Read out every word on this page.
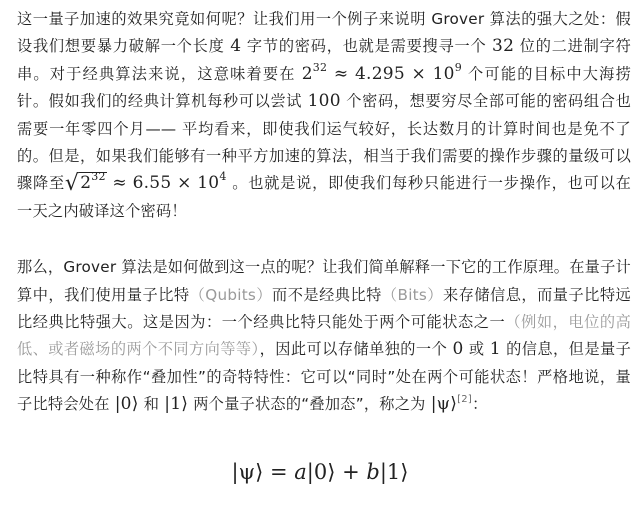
这一量子加速的效果究竟如何呢？让我们用一个例子来说明 Grover 算法的强大之处：假设我们想要暴力破解一个长度 4 字节的密码，也就是需要搜寻一个 32 位的二进制字符串。对于经典算法来说，这意味着要在 $2^{32} \approx 4.295 \times 10^9$ 个可能的目标中大海捞针。假如我们的经典计算机每秒可以尝试 100 个密码，想要穷尽全部可能的密码组合也需要一年零四个月—— 平均看来，即使我们运气较好，长达数月的计算时间也是免不了的。但是，如果我们能够有一种平方加速的算法，相当于我们需要的操作步骤的量级可以骤降至$√2^{32} \approx 6.55 \times 10^4$ 。也就是说，即使我们每秒只能进行一步操作，也可以在一天之内破译这个密码！

那么，Grover 算法是如何做到这一点的呢？让我们简单解释一下它的工作原理。在量子计算中，我们使用量子比特（Qubits）而不是经典比特（Bits）来存储信息，而量子比特远比经典比特强大。这是因为：一个经典比特只能处于两个可能状态之一（例如，电位的高低、或者磁场的两个不同方向等等），因此可以存储单独的一个 0 或 1 的信息，但是量子比特具有一种称作“叠加性”的奇特特性：它可以“同时”处在两个可能状态！严格地说，量子比特会处在 |0⟩ 和 |1⟩ 两个量子状态的“叠加态”，称之为 |ψ⟩[2]：

|ψ⟩ = a|0⟩ + b|1⟩
